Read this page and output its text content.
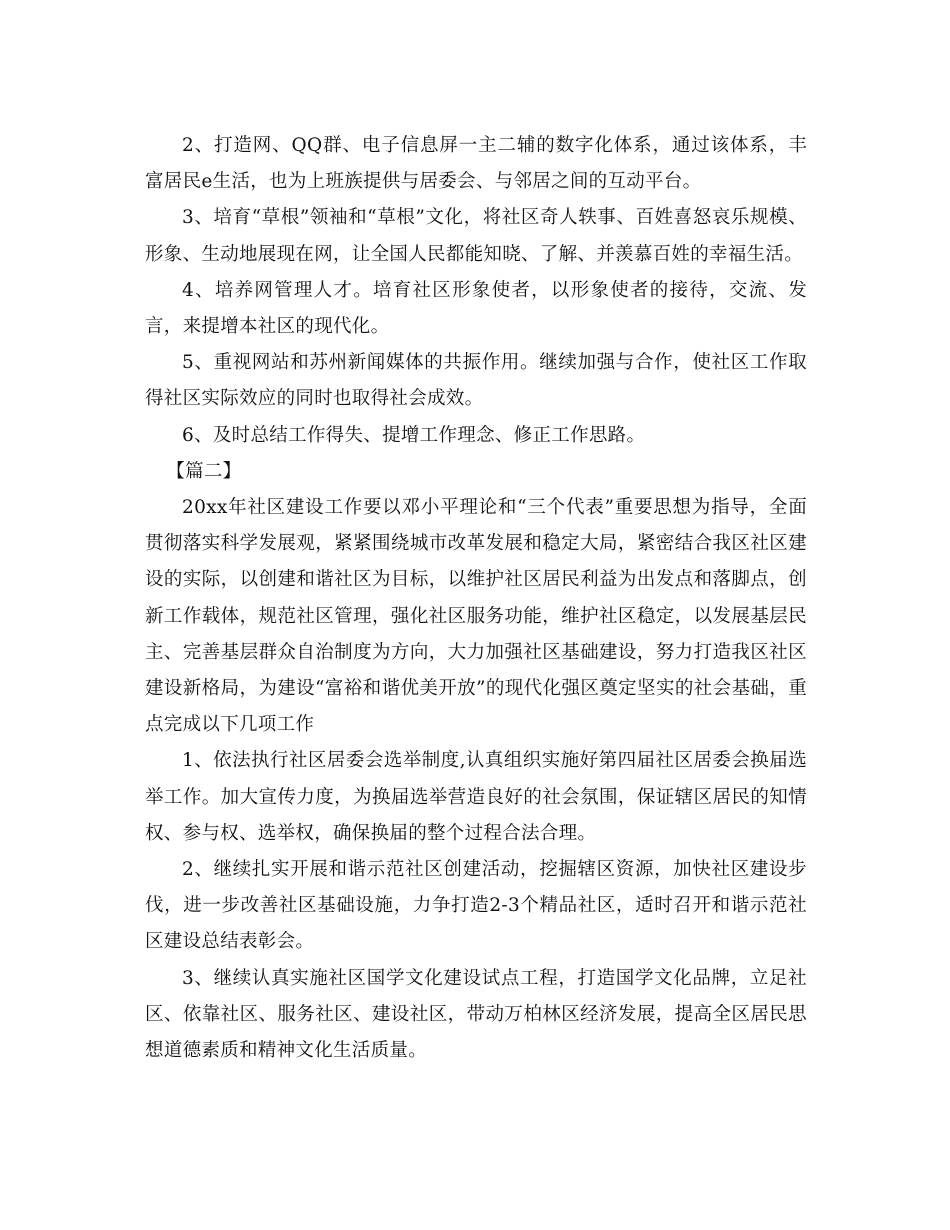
2、打造网、QQ群、电子信息屏一主二辅的数字化体系，通过该体系，丰富居民e生活，也为上班族提供与居委会、与邻居之间的互动平台。

3、培育“草根”领袖和“草根”文化，将社区奇人轶事、百姓喜怒哀乐规模、形象、生动地展现在网，让全国人民都能知晓、了解、并羡慕百姓的幸福生活。

4、培养网管理人才。培育社区形象使者，以形象使者的接待，交流、发言，来提增本社区的现代化。

5、重视网站和苏州新闻媒体的共振作用。继续加强与合作，使社区工作取得社区实际效应的同时也取得社会成效。

6、及时总结工作得失、提增工作理念、修正工作思路。

【篇二】

20xx年社区建设工作要以邓小平理论和“三个代表”重要思想为指导，全面贯彻落实科学发展观，紧紧围绕城市改革发展和稳定大局，紧密结合我区社区建设的实际，以创建和谐社区为目标，以维护社区居民利益为出发点和落脚点，创新工作载体，规范社区管理，强化社区服务功能，维护社区稳定，以发展基层民主、完善基层群众自治制度为方向，大力加强社区基础建设，努力打造我区社区建设新格局，为建设“富裕和谐优美开放”的现代化强区奠定坚实的社会基础，重点完成以下几项工作

1、依法执行社区居委会选举制度,认真组织实施好第四届社区居委会换届选举工作。加大宣传力度，为换届选举营造良好的社会氛围，保证辖区居民的知情权、参与权、选举权，确保换届的整个过程合法合理。

2、继续扎实开展和谐示范社区创建活动，挖掘辖区资源，加快社区建设步伐，进一步改善社区基础设施，力争打造2-3个精品社区，适时召开和谐示范社区建设总结表彰会。

3、继续认真实施社区国学文化建设试点工程，打造国学文化品牌，立足社区、依靠社区、服务社区、建设社区，带动万柏林区经济发展，提高全区居民思想道德素质和精神文化生活质量。
